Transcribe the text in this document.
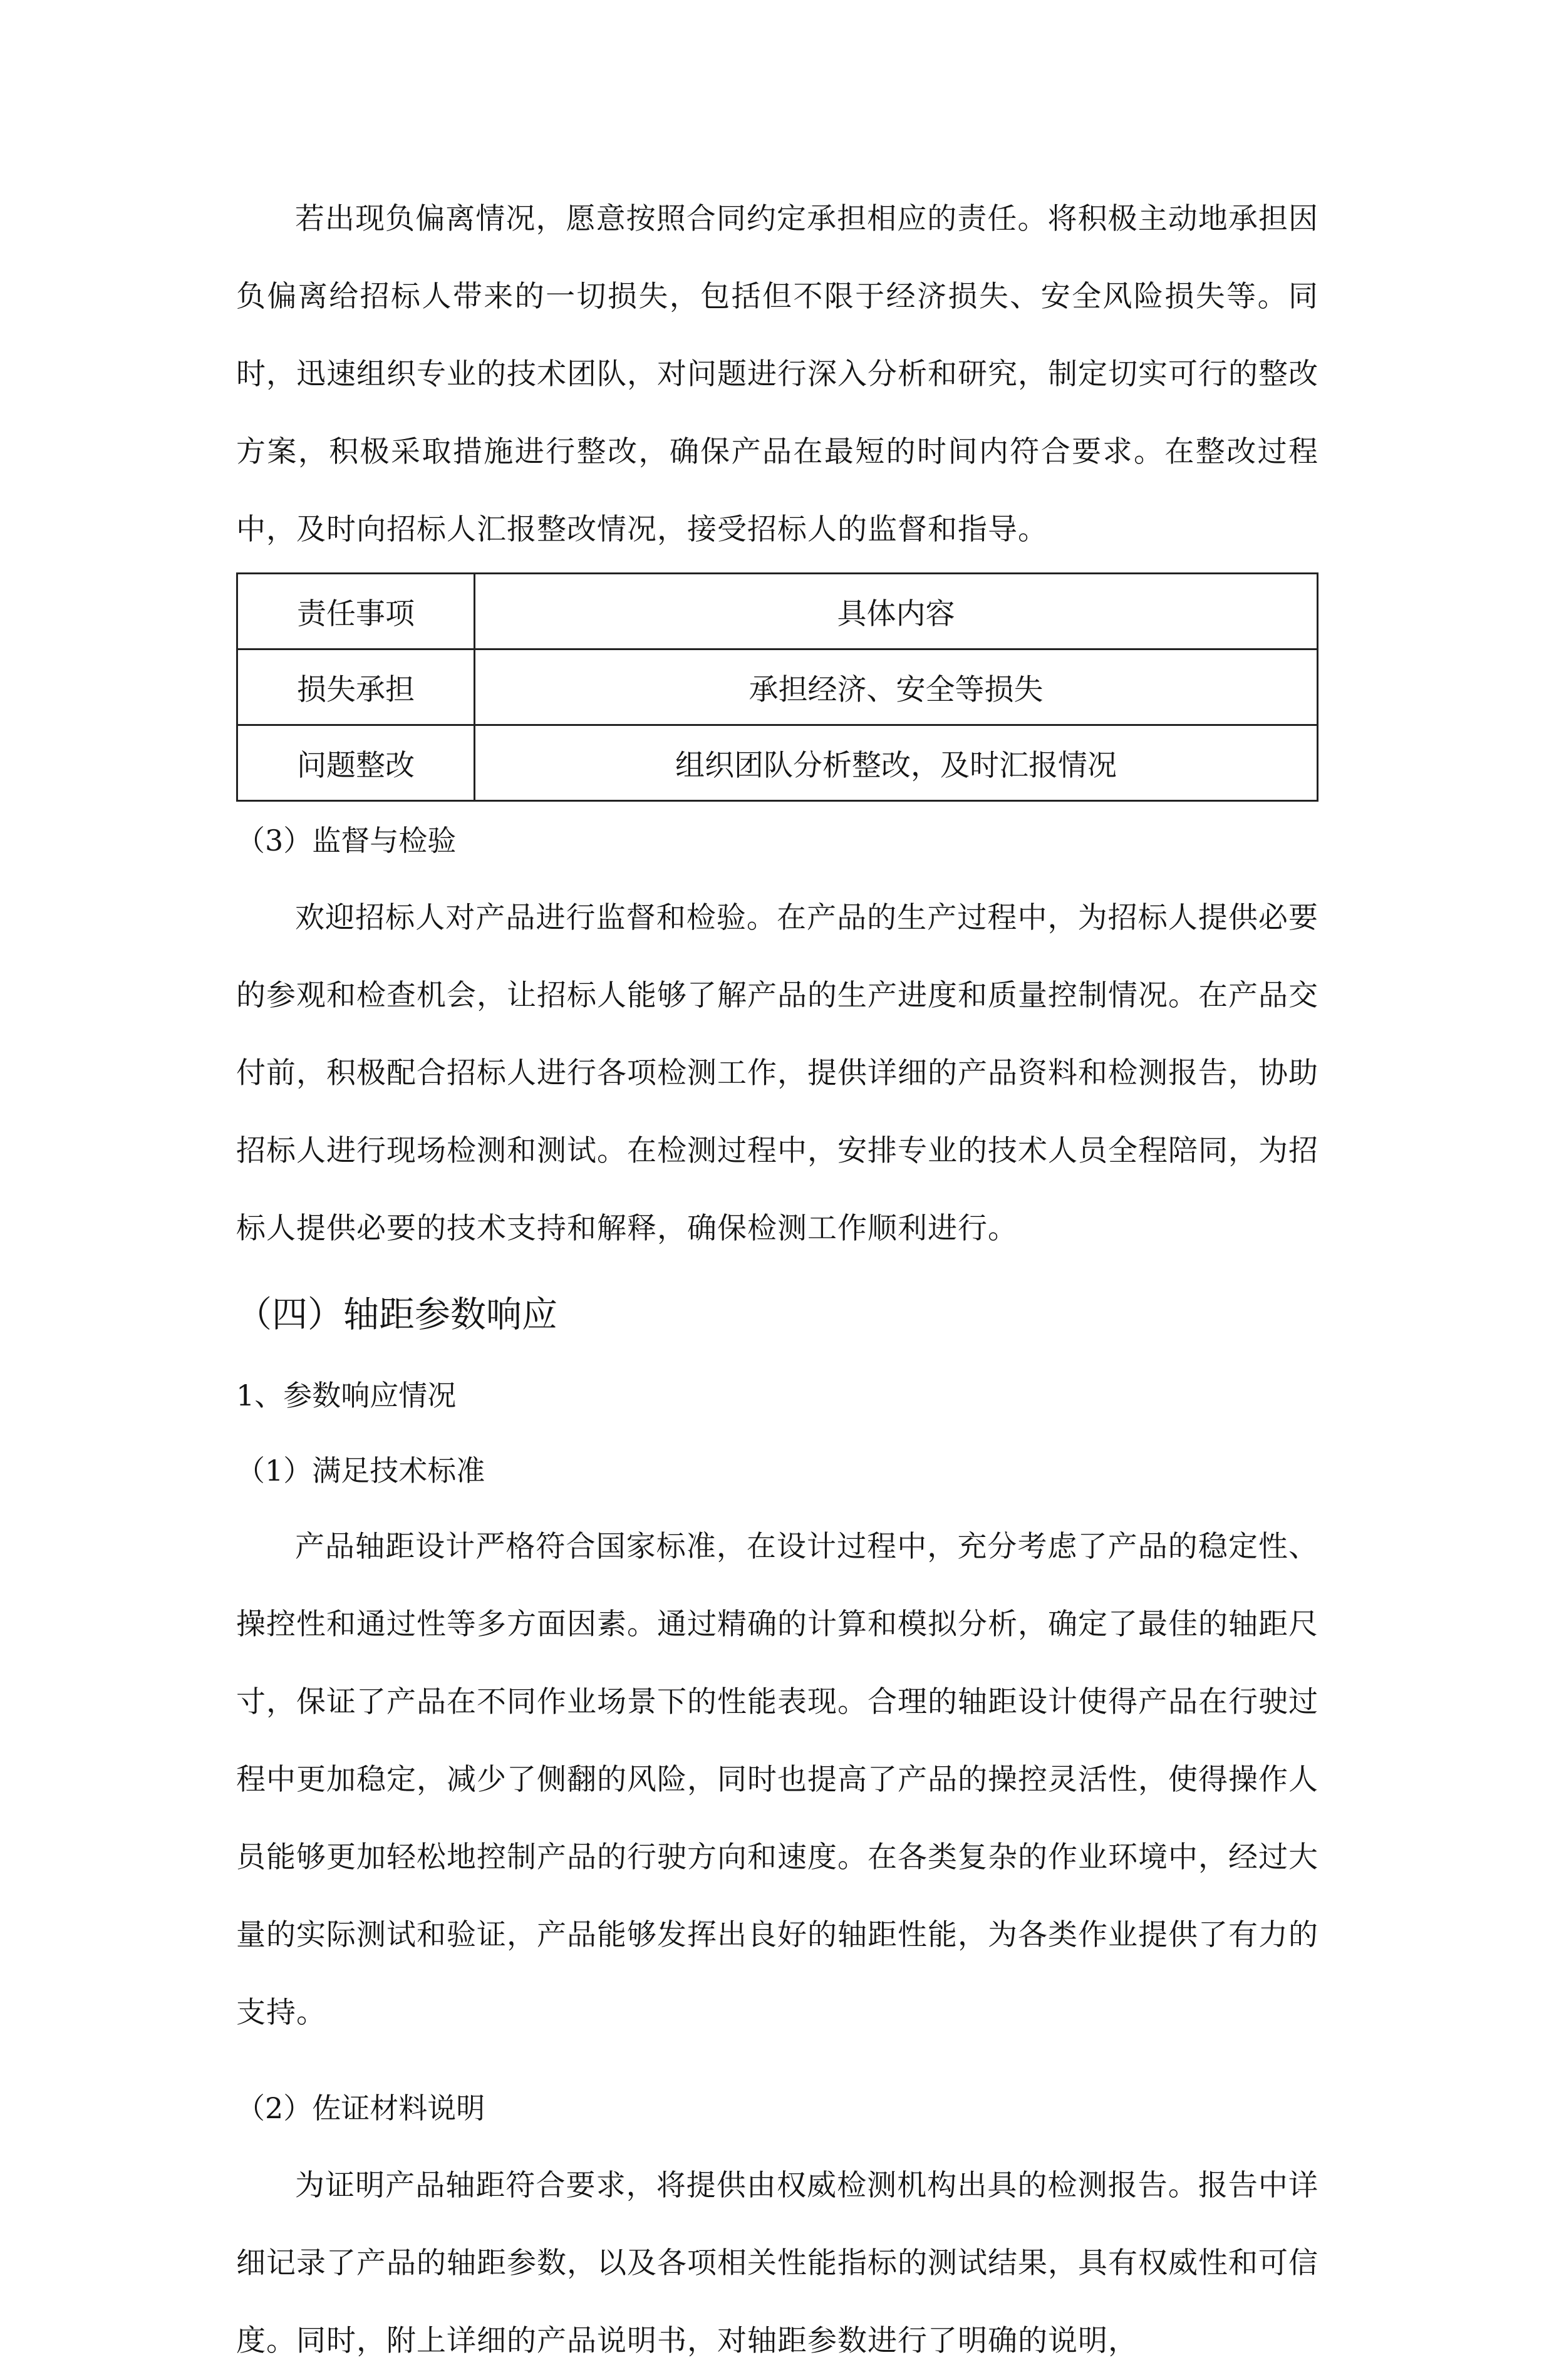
若出现负偏离情况，愿意按照合同约定承担相应的责任。将积极主动地承担因负偏离给招标人带来的一切损失，包括但不限于经济损失、安全风险损失等。同时，迅速组织专业的技术团队，对问题进行深入分析和研究，制定切实可行的整改方案，积极采取措施进行整改，确保产品在最短的时间内符合要求。在整改过程中，及时向招标人汇报整改情况，接受招标人的监督和指导。

责任事项	具体内容
损失承担	承担经济、安全等损失
问题整改	组织团队分析整改，及时汇报情况

（3）监督与检验

欢迎招标人对产品进行监督和检验。在产品的生产过程中，为招标人提供必要的参观和检查机会，让招标人能够了解产品的生产进度和质量控制情况。在产品交付前，积极配合招标人进行各项检测工作，提供详细的产品资料和检测报告，协助招标人进行现场检测和测试。在检测过程中，安排专业的技术人员全程陪同，为招标人提供必要的技术支持和解释，确保检测工作顺利进行。

（四）轴距参数响应

1、参数响应情况

（1）满足技术标准

产品轴距设计严格符合国家标准，在设计过程中，充分考虑了产品的稳定性、操控性和通过性等多方面因素。通过精确的计算和模拟分析，确定了最佳的轴距尺寸，保证了产品在不同作业场景下的性能表现。合理的轴距设计使得产品在行驶过程中更加稳定，减少了侧翻的风险，同时也提高了产品的操控灵活性，使得操作人员能够更加轻松地控制产品的行驶方向和速度。在各类复杂的作业环境中，经过大量的实际测试和验证，产品能够发挥出良好的轴距性能，为各类作业提供了有力的支持。

（2）佐证材料说明

为证明产品轴距符合要求，将提供由权威检测机构出具的检测报告。报告中详细记录了产品的轴距参数，以及各项相关性能指标的测试结果，具有权威性和可信度。同时，附上详细的产品说明书，对轴距参数进行了明确的说明，
